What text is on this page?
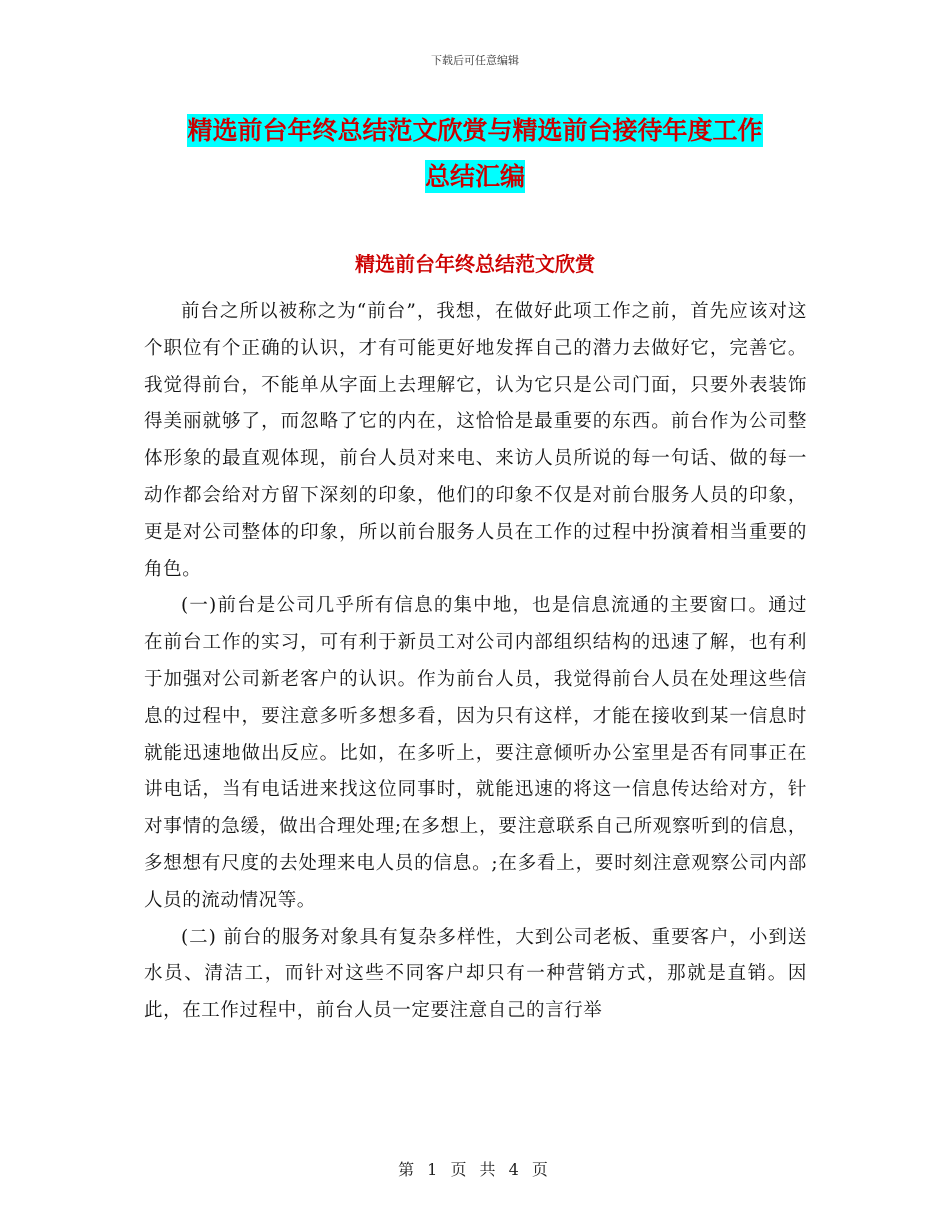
下载后可任意编辑
精选前台年终总结范文欣赏与精选前台接待年度工作
总结汇编
精选前台年终总结范文欣赏

前台之所以被称之为“前台”，我想，在做好此项工作之前，首先应该对这个职位有个正确的认识，才有可能更好地发挥自己的潜力去做好它，完善它。我觉得前台，不能单从字面上去理解它，认为它只是公司门面，只要外表装饰得美丽就够了，而忽略了它的内在，这恰恰是最重要的东西。前台作为公司整体形象的最直观体现，前台人员对来电、来访人员所说的每一句话、做的每一动作都会给对方留下深刻的印象，他们的印象不仅是对前台服务人员的印象，更是对公司整体的印象，所以前台服务人员在工作的过程中扮演着相当重要的角色。

(一)前台是公司几乎所有信息的集中地，也是信息流通的主要窗口。通过在前台工作的实习，可有利于新员工对公司内部组织结构的迅速了解，也有利于加强对公司新老客户的认识。作为前台人员，我觉得前台人员在处理这些信息的过程中，要注意多听多想多看，因为只有这样，才能在接收到某一信息时就能迅速地做出反应。比如，在多听上，要注意倾听办公室里是否有同事正在讲电话，当有电话进来找这位同事时，就能迅速的将这一信息传达给对方，针对事情的急缓，做出合理处理;在多想上，要注意联系自己所观察听到的信息，多想想有尺度的去处理来电人员的信息。;在多看上，要时刻注意观察公司内部人员的流动情况等。

(二) 前台的服务对象具有复杂多样性，大到公司老板、重要客户，小到送水员、清洁工，而针对这些不同客户却只有一种营销方式，那就是直销。因此，在工作过程中，前台人员一定要注意自己的言行举

第 1 页 共 4 页
